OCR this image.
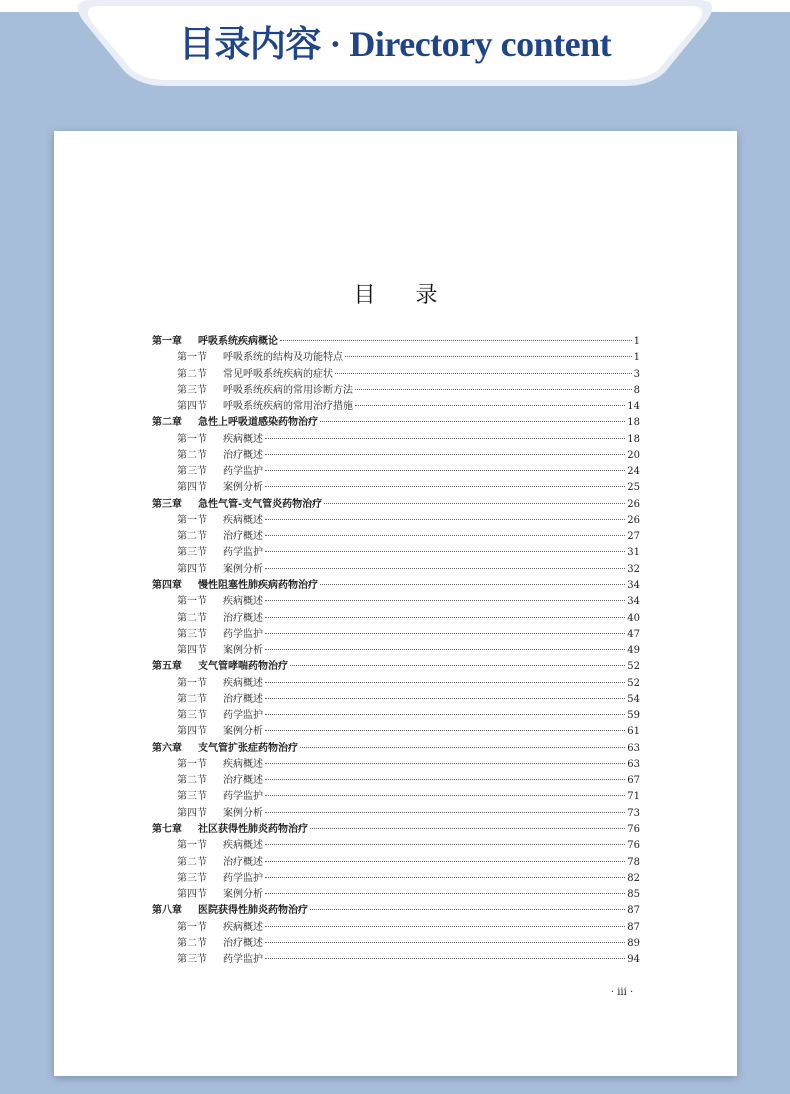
目录内容 · Directory content
目录
第一章	呼吸系统疾病概论	1
第一节	呼吸系统的结构及功能特点	1
第二节	常见呼吸系统疾病的症状	3
第三节	呼吸系统疾病的常用诊断方法	8
第四节	呼吸系统疾病的常用治疗措施	14
第二章	急性上呼吸道感染药物治疗	18
第一节	疾病概述	18
第二节	治疗概述	20
第三节	药学监护	24
第四节	案例分析	25
第三章	急性气管-支气管炎药物治疗	26
第一节	疾病概述	26
第二节	治疗概述	27
第三节	药学监护	31
第四节	案例分析	32
第四章	慢性阻塞性肺疾病药物治疗	34
第一节	疾病概述	34
第二节	治疗概述	40
第三节	药学监护	47
第四节	案例分析	49
第五章	支气管哮喘药物治疗	52
第一节	疾病概述	52
第二节	治疗概述	54
第三节	药学监护	59
第四节	案例分析	61
第六章	支气管扩张症药物治疗	63
第一节	疾病概述	63
第二节	治疗概述	67
第三节	药学监护	71
第四节	案例分析	73
第七章	社区获得性肺炎药物治疗	76
第一节	疾病概述	76
第二节	治疗概述	78
第三节	药学监护	82
第四节	案例分析	85
第八章	医院获得性肺炎药物治疗	87
第一节	疾病概述	87
第二节	治疗概述	89
第三节	药学监护	94
· iii ·
